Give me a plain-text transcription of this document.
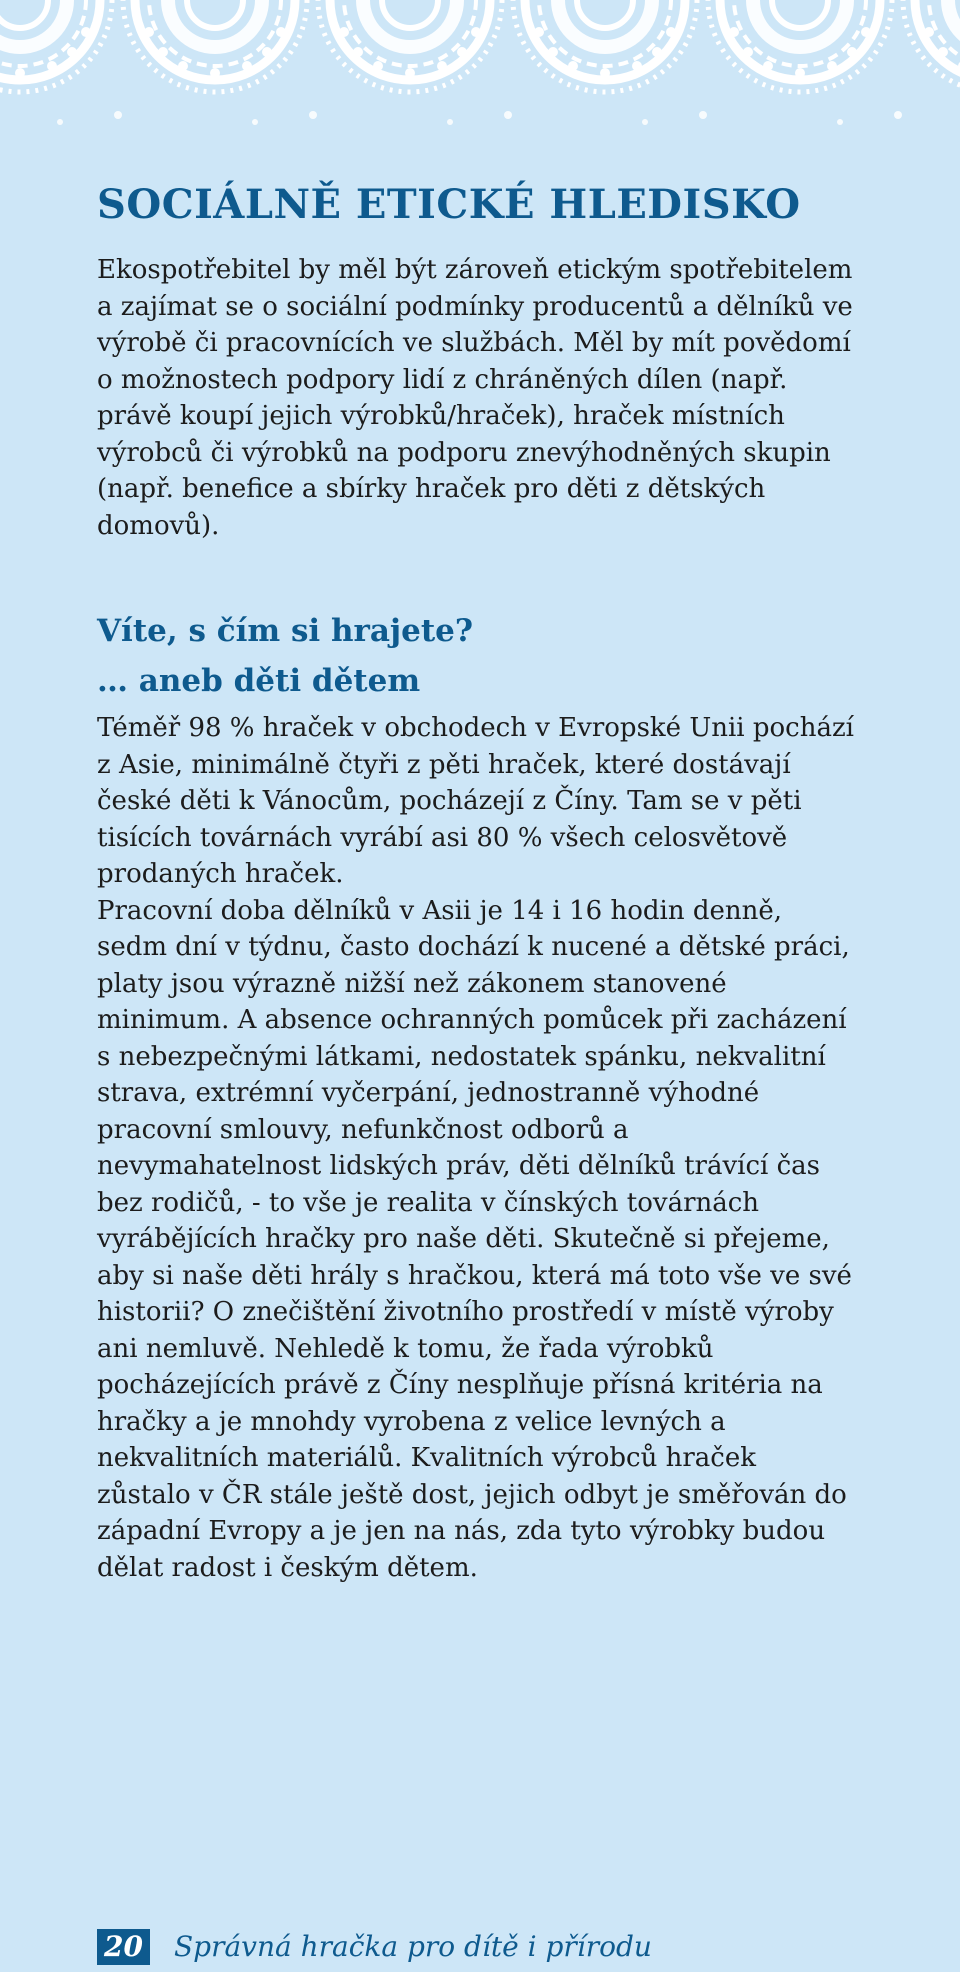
SOCIÁLNĚ ETICKÉ HLEDISKO

Ekospotřebitel by měl být zároveň etickým spotřebitelem a zajímat se o sociální podmínky producentů a dělníků ve výrobě či pracovnících ve službách. Měl by mít povědomí o možnostech podpory lidí z chráněných dílen (např. právě koupí jejich výrobků/hraček), hraček místních výrobců či výrobků na podporu znevýhodněných skupin (např. benefice a sbírky hraček pro děti z dětských domovů).

Víte, s čím si hrajete?
… aneb děti dětem

Téměř 98 % hraček v obchodech v Evropské Unii pochází z Asie, minimálně čtyři z pěti hraček, které dostávají české děti k Vánocům, pocházejí z Číny. Tam se v pěti tisících továrnách vyrábí asi 80 % všech celosvětově prodaných hraček.

Pracovní doba dělníků v Asii je 14 i 16 hodin denně, sedm dní v týdnu, často dochází k nucené a dětské práci, platy jsou výrazně nižší než zákonem stanovené minimum. A absence ochranných pomůcek při zacházení s nebezpečnými látkami, nedostatek spánku, nekvalitní strava, extrémní vyčerpání, jednostranně výhodné pracovní smlouvy, nefunkčnost odborů a nevymahatelnost lidských práv, děti dělníků trávící čas bez rodičů, - to vše je realita v čínských továrnách vyrábějících hračky pro naše děti. Skutečně si přejeme, aby si naše děti hrály s hračkou, která má toto vše ve své historii? O znečištění životního prostředí v místě výroby ani nemluvě. Nehledě k tomu, že řada výrobků pocházejících právě z Číny nesplňuje přísná kritéria na hračky a je mnohdy vyrobena z velice levných a nekvalitních materiálů. Kvalitních výrobců hraček zůstalo v ČR stále ještě dost, jejich odbyt je směřován do západní Evropy a je jen na nás, zda tyto výrobky budou dělat radost i českým dětem.

20 Správná hračka pro dítě i přírodu
